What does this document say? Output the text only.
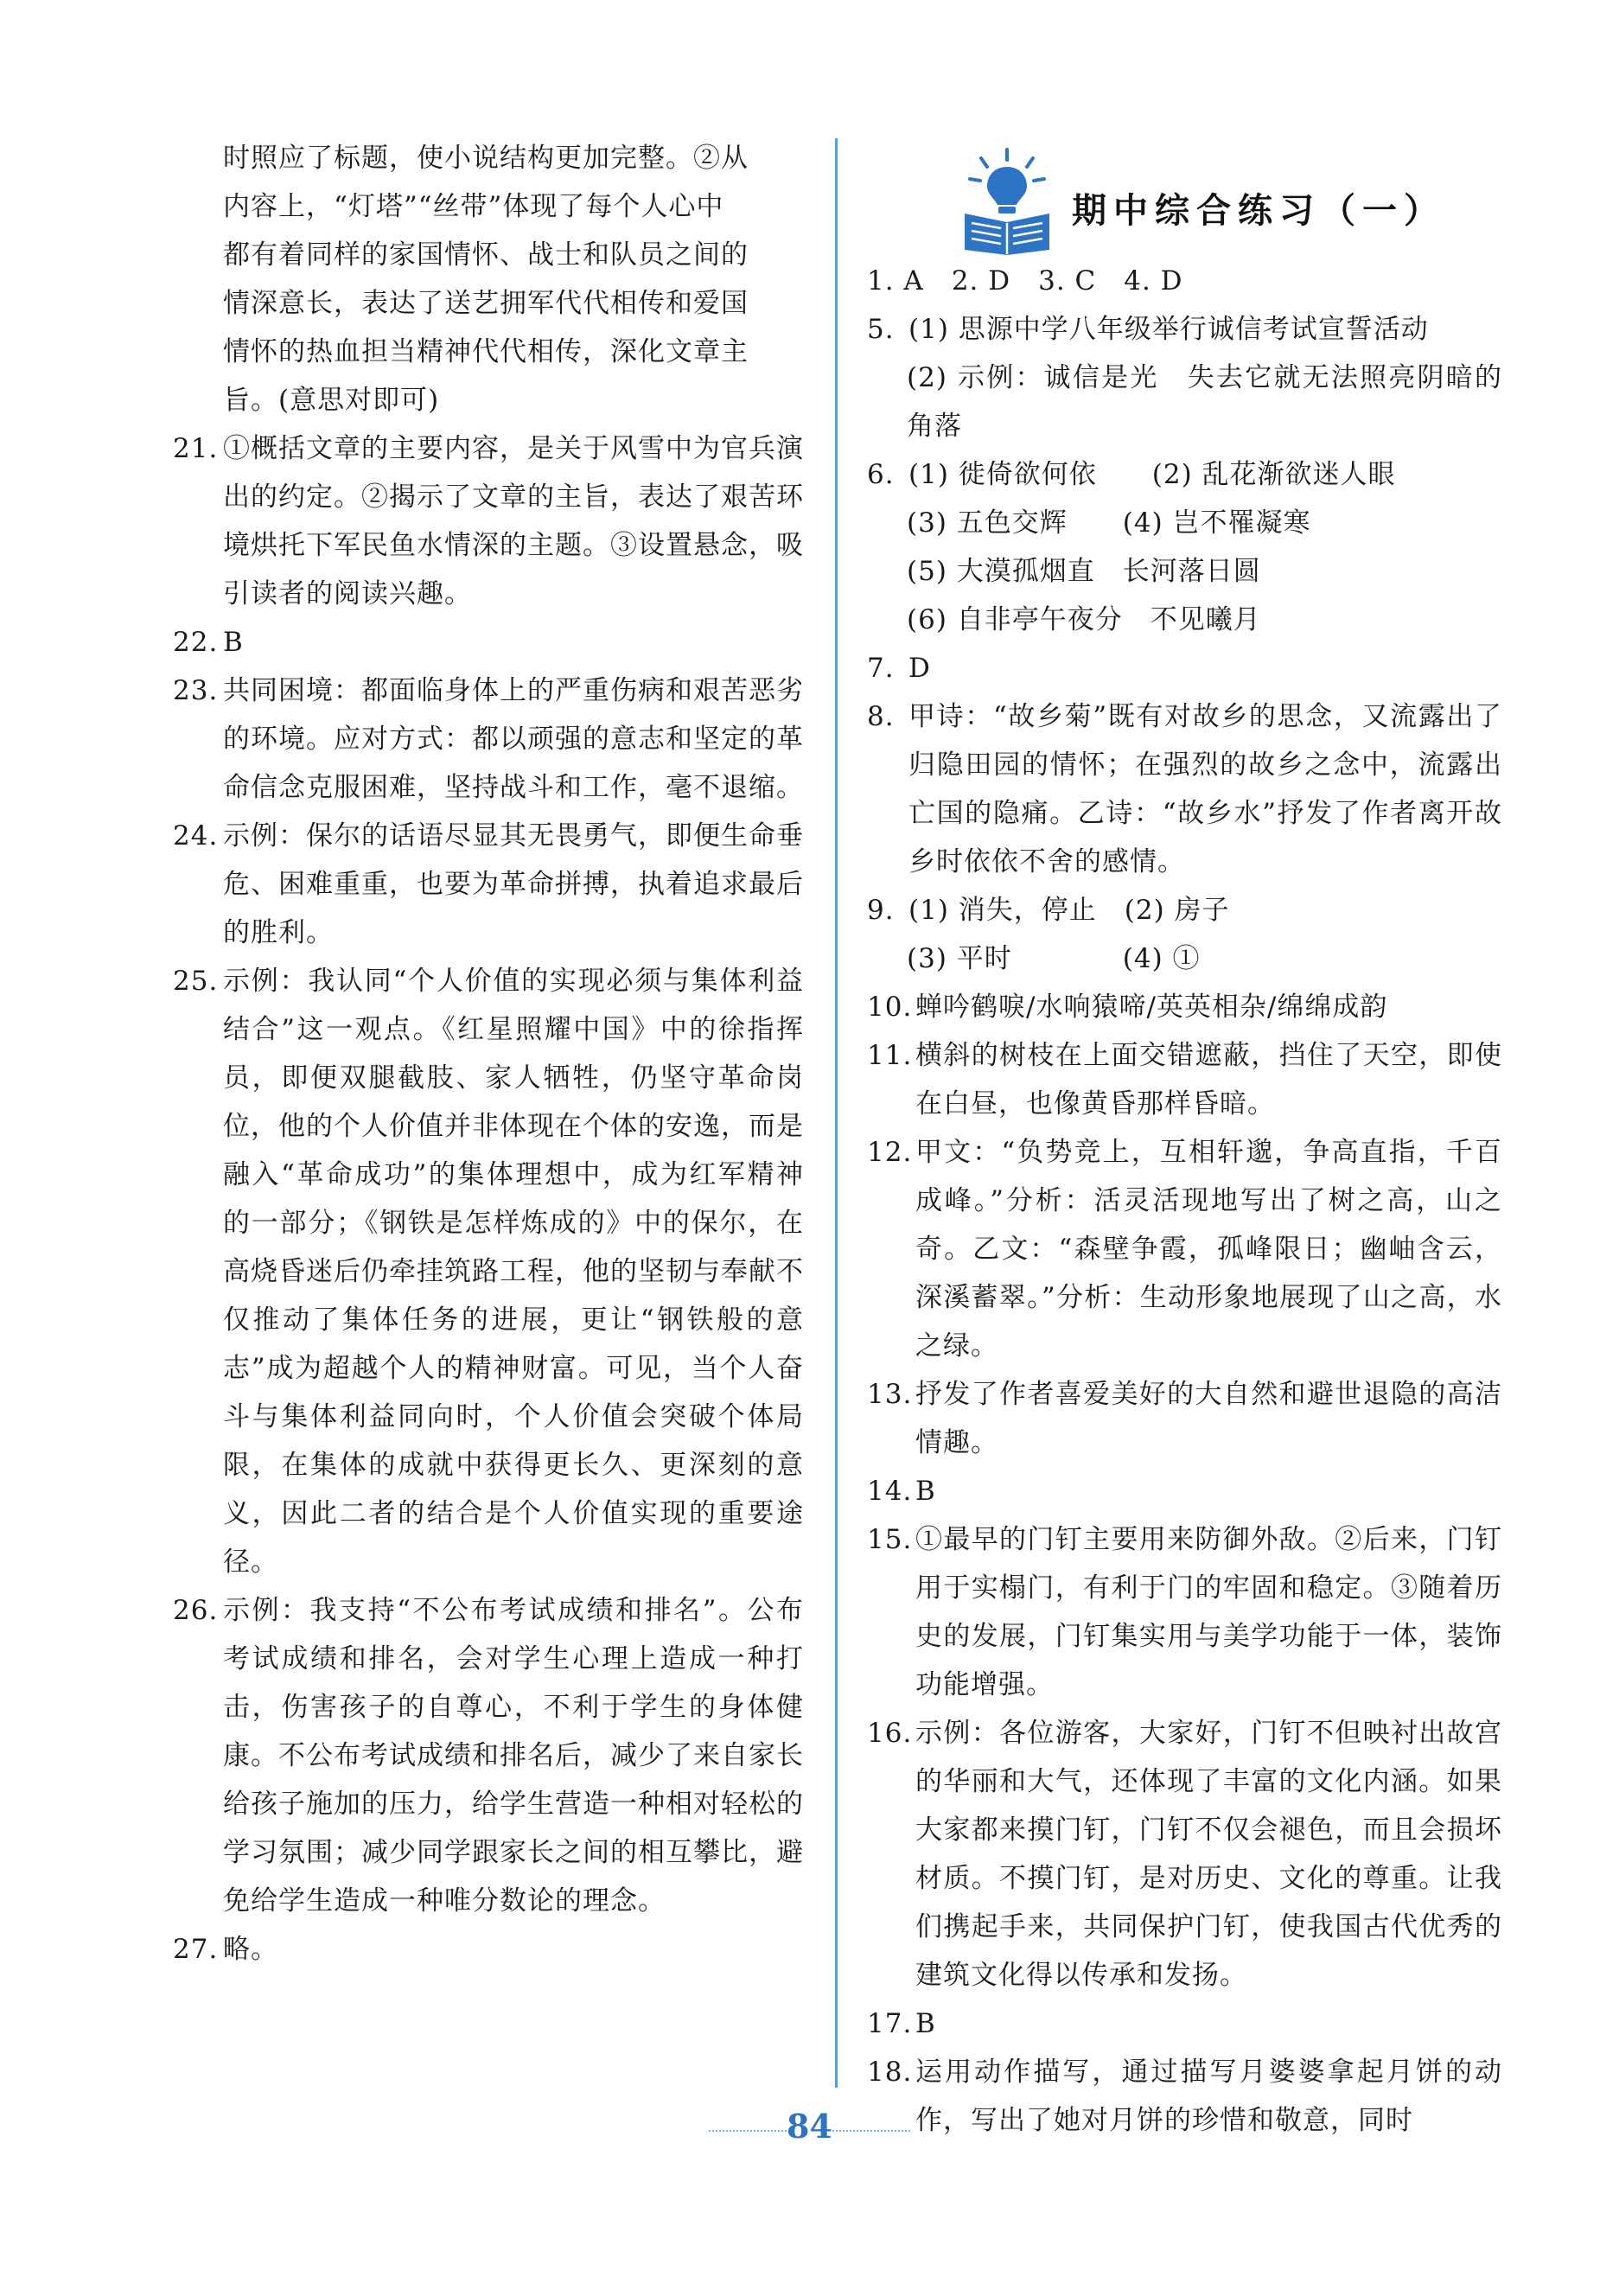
时照应了标题，使小说结构更加完整。②从
内容上，“灯塔”“丝带”体现了每个人心中
都有着同样的家国情怀、战士和队员之间的
情深意长，表达了送艺拥军代代相传和爱国
情怀的热血担当精神代代相传，深化文章主
旨。(意思对即可)
21. ①概括文章的主要内容，是关于风雪中为官兵演出的约定。②揭示了文章的主旨，表达了艰苦环境烘托下军民鱼水情深的主题。③设置悬念，吸引读者的阅读兴趣。
22. B
23. 共同困境：都面临身体上的严重伤病和艰苦恶劣的环境。应对方式：都以顽强的意志和坚定的革命信念克服困难，坚持战斗和工作，毫不退缩。
24. 示例：保尔的话语尽显其无畏勇气，即便生命垂危、困难重重，也要为革命拼搏，执着追求最后的胜利。
25. 示例：我认同“个人价值的实现必须与集体利益结合”这一观点。《红星照耀中国》中的徐指挥员，即便双腿截肢、家人牺牲，仍坚守革命岗位，他的个人价值并非体现在个体的安逸，而是融入“革命成功”的集体理想中，成为红军精神的一部分；《钢铁是怎样炼成的》中的保尔，在高烧昏迷后仍牵挂筑路工程，他的坚韧与奉献不仅推动了集体任务的进展，更让“钢铁般的意志”成为超越个人的精神财富。可见，当个人奋斗与集体利益同向时，个人价值会突破个体局限，在集体的成就中获得更长久、更深刻的意义，因此二者的结合是个人价值实现的重要途径。
26. 示例：我支持“不公布考试成绩和排名”。公布考试成绩和排名，会对学生心理上造成一种打击，伤害孩子的自尊心，不利于学生的身体健康。不公布考试成绩和排名后，减少了来自家长给孩子施加的压力，给学生营造一种相对轻松的学习氛围；减少同学跟家长之间的相互攀比，避免给学生造成一种唯分数论的理念。
27. 略。
期中综合练习（一）
1. A　2. D　3. C　4. D
5. (1) 思源中学八年级举行诚信考试宣誓活动
(2) 示例：诚信是光　失去它就无法照亮阴暗的角落
6. (1) 徙倚欲何依　　(2) 乱花渐欲迷人眼
(3) 五色交辉　　(4) 岂不罹凝寒
(5) 大漠孤烟直　长河落日圆
(6) 自非亭午夜分　不见曦月
7. D
8. 甲诗：“故乡菊”既有对故乡的思念，又流露出了归隐田园的情怀；在强烈的故乡之念中，流露出亡国的隐痛。乙诗：“故乡水”抒发了作者离开故乡时依依不舍的感情。
9. (1) 消失，停止　(2) 房子
(3) 平时　　　　(4) ①
10. 蝉吟鹤唳/水响猿啼/英英相杂/绵绵成韵
11. 横斜的树枝在上面交错遮蔽，挡住了天空，即使在白昼，也像黄昏那样昏暗。
12. 甲文：“负势竞上，互相轩邈，争高直指，千百成峰。”分析：活灵活现地写出了树之高，山之奇。乙文：“森壁争霞，孤峰限日；幽岫含云，深溪蓄翠。”分析：生动形象地展现了山之高，水之绿。
13. 抒发了作者喜爱美好的大自然和避世退隐的高洁情趣。
14. B
15. ①最早的门钉主要用来防御外敌。②后来，门钉用于实榻门，有利于门的牢固和稳定。③随着历史的发展，门钉集实用与美学功能于一体，装饰功能增强。
16. 示例：各位游客，大家好，门钉不但映衬出故宫的华丽和大气，还体现了丰富的文化内涵。如果大家都来摸门钉，门钉不仅会褪色，而且会损坏材质。不摸门钉，是对历史、文化的尊重。让我们携起手来，共同保护门钉，使我国古代优秀的建筑文化得以传承和发扬。
17. B
18. 运用动作描写，通过描写月婆婆拿起月饼的动作，写出了她对月饼的珍惜和敬意，同时
84
